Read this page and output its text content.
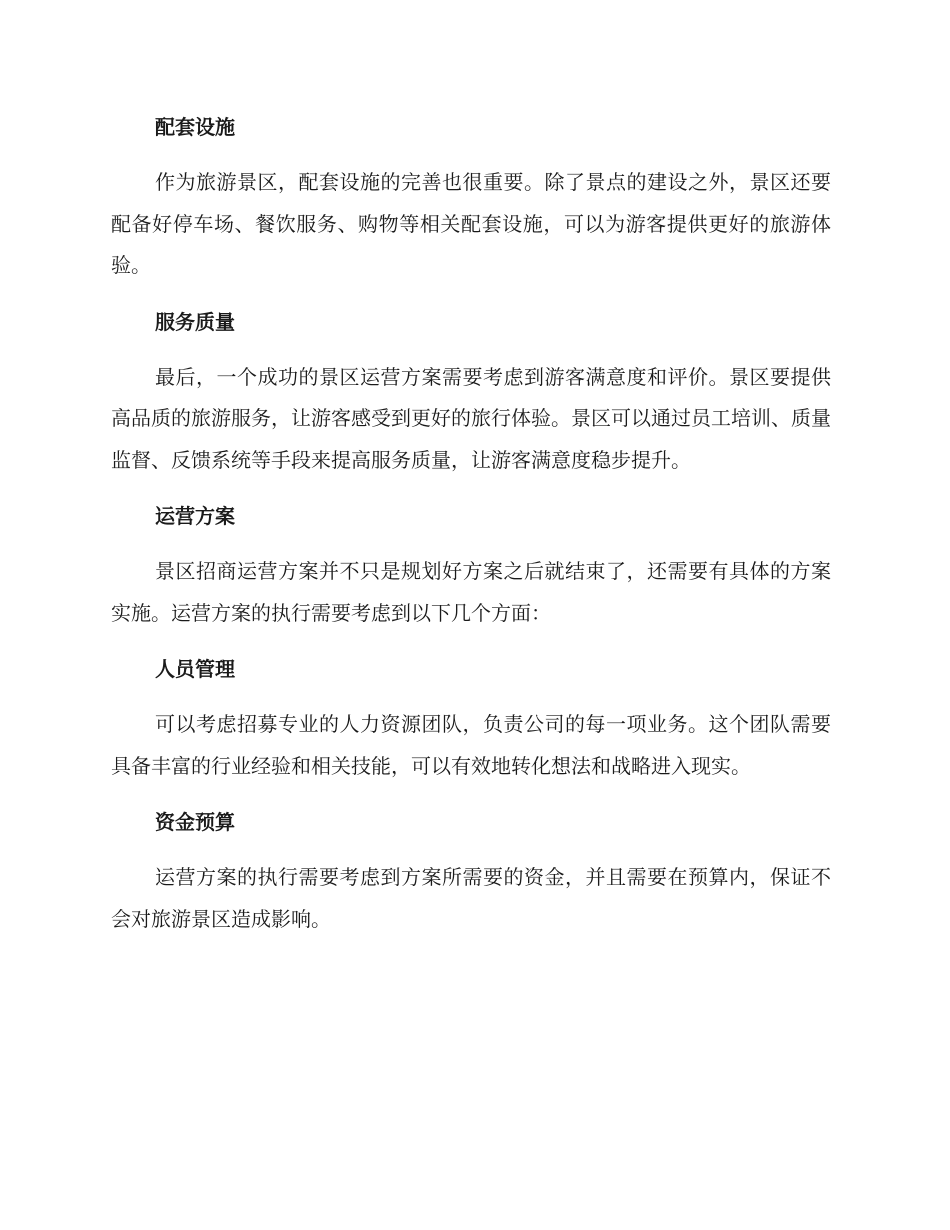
配套设施

作为旅游景区，配套设施的完善也很重要。除了景点的建设之外，景区还要配备好停车场、餐饮服务、购物等相关配套设施，可以为游客提供更好的旅游体验。

服务质量

最后，一个成功的景区运营方案需要考虑到游客满意度和评价。景区要提供高品质的旅游服务，让游客感受到更好的旅行体验。景区可以通过员工培训、质量监督、反馈系统等手段来提高服务质量，让游客满意度稳步提升。

运营方案

景区招商运营方案并不只是规划好方案之后就结束了，还需要有具体的方案实施。运营方案的执行需要考虑到以下几个方面：

人员管理

可以考虑招募专业的人力资源团队，负责公司的每一项业务。这个团队需要具备丰富的行业经验和相关技能，可以有效地转化想法和战略进入现实。

资金预算

运营方案的执行需要考虑到方案所需要的资金，并且需要在预算内，保证不会对旅游景区造成影响。
